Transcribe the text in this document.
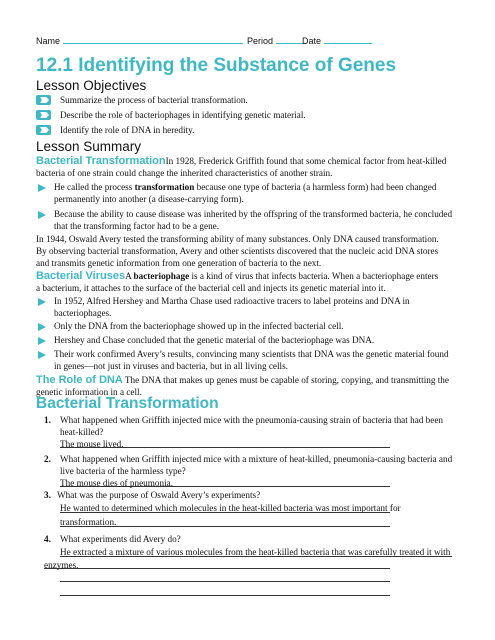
Name	Period	Date
12.1 Identifying the Substance of Genes
Lesson Objectives
Summarize the process of bacterial transformation.
Describe the role of bacteriophages in identifying genetic material.
Identify the role of DNA in heredity.
Lesson Summary
Bacterial TransformationIn 1928, Frederick Griffith found that some chemical factor from heat-killed
bacteria of one strain could change the inherited characteristics of another strain.
He called the process transformation because one type of bacteria (a harmless form) had been changed
permanently into another (a disease-carrying form).
Because the ability to cause disease was inherited by the offspring of the transformed bacteria, he concluded
that the transforming factor had to be a gene.
In 1944, Oswald Avery tested the transforming ability of many substances. Only DNA caused transformation.
By observing bacterial transformation, Avery and other scientists discovered that the nucleic acid DNA stores
and transmits genetic information from one generation of bacteria to the next.
Bacterial VirusesA bacteriophage is a kind of virus that infects bacteria. When a bacteriophage enters
a bacterium, it attaches to the surface of the bacterial cell and injects its genetic material into it.
In 1952, Alfred Hershey and Martha Chase used radioactive tracers to label proteins and DNA in
bacteriophages.
Only the DNA from the bacteriophage showed up in the infected bacterial cell.
Hershey and Chase concluded that the genetic material of the bacteriophage was DNA.
Their work confirmed Avery’s results, convincing many scientists that DNA was the genetic material found
in genes—not just in viruses and bacteria, but in all living cells.
The Role of DNA The DNA that makes up genes must be capable of storing, copying, and transmitting the
genetic information in a cell.
Bacterial Transformation
1. What happened when Griffith injected mice with the pneumonia-causing strain of bacteria that had been
heat-killed?
The mouse lived.
2. What happened when Griffith injected mice with a mixture of heat-killed, pneumonia-causing bacteria and
live bacteria of the harmless type?
The mouse dies of pneumonia.
3. What was the purpose of Oswald Avery’s experiments?
He wanted to determined which molecules in the heat-killed bacteria was most important for
transformation.
4. What experiments did Avery do?
He extracted a mixture of various molecules from the heat-killed bacteria that was carefully treated it with
enzymes.
